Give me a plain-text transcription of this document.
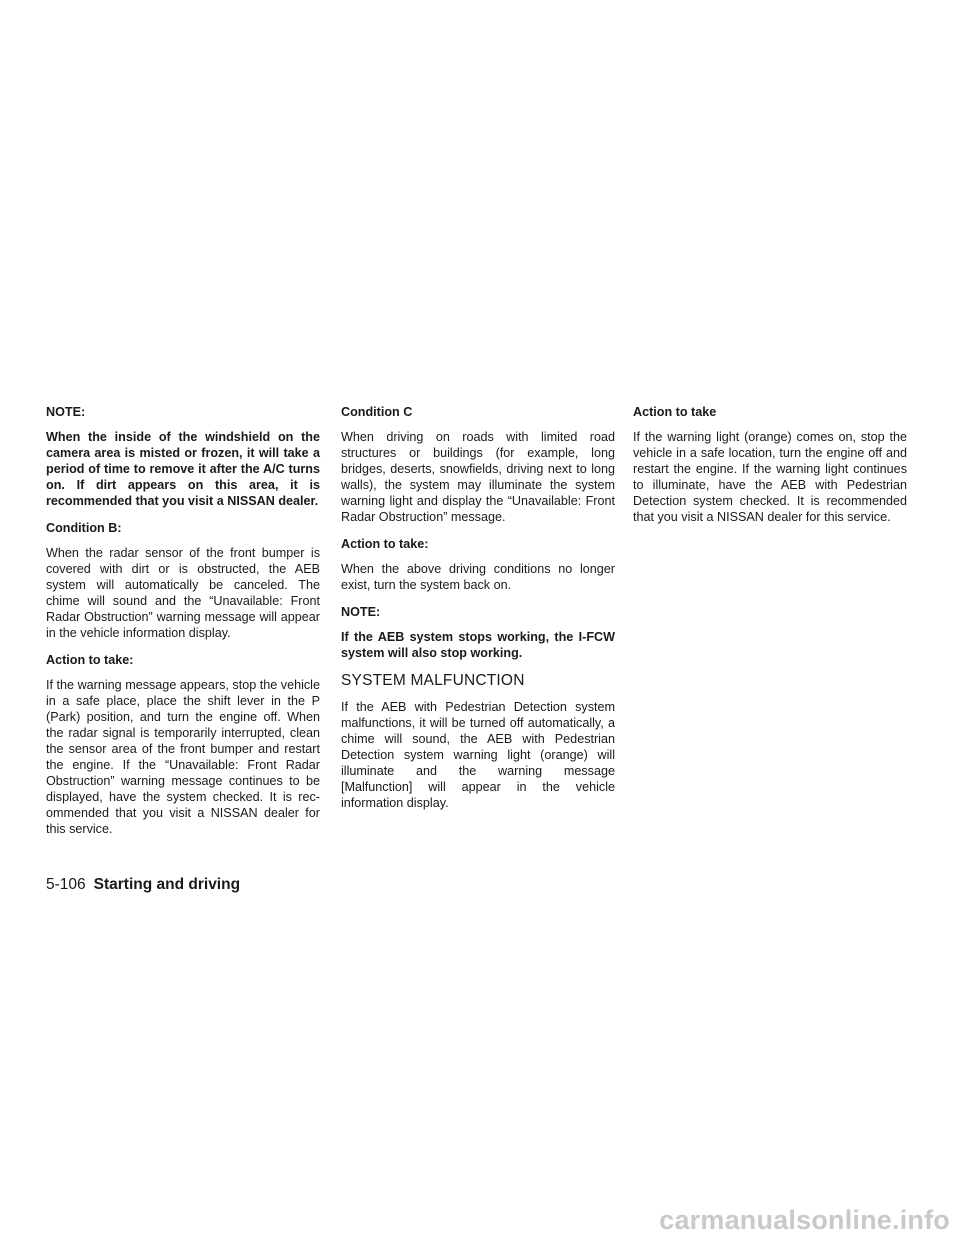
NOTE:

When the inside of the windshield on the camera area is misted or frozen, it will take a period of time to remove it after the A/C turns on. If dirt appears on this area, it is recommended that you visit a NISSAN dealer.

Condition B:

When the radar sensor of the front bumper is covered with dirt or is obstructed, the AEB system will automatically be canceled. The chime will sound and the “Unavailable: Front Radar Obstruction” warning message will appear in the vehicle information display.

Action to take:

If the warning message appears, stop the vehicle in a safe place, place the shift lever in the P (Park) position, and turn the engine off. When the radar signal is temporarily interrupted, clean the sensor area of the front bumper and restart the engine. If the “Unavailable: Front Radar Obstruction” warning message continues to be displayed, have the system checked. It is recommended that you visit a NISSAN dealer for this service.

Condition C

When driving on roads with limited road structures or buildings (for example, long bridges, deserts, snowfields, driving next to long walls), the system may illuminate the system warning light and display the “Unavailable: Front Radar Obstruction” message.

Action to take:

When the above driving conditions no longer exist, turn the system back on.

NOTE:

If the AEB system stops working, the I-FCW system will also stop working.

SYSTEM MALFUNCTION

If the AEB with Pedestrian Detection system malfunctions, it will be turned off automatically, a chime will sound, the AEB with Pedestrian Detection system warning light (orange) will illuminate and the warning message [Malfunction] will appear in the vehicle information display.

Action to take

If the warning light (orange) comes on, stop the vehicle in a safe location, turn the engine off and restart the engine. If the warning light continues to illuminate, have the AEB with Pedestrian Detection system checked. It is recommended that you visit a NISSAN dealer for this service.

5-106 Starting and driving
carmanualsonline.info
